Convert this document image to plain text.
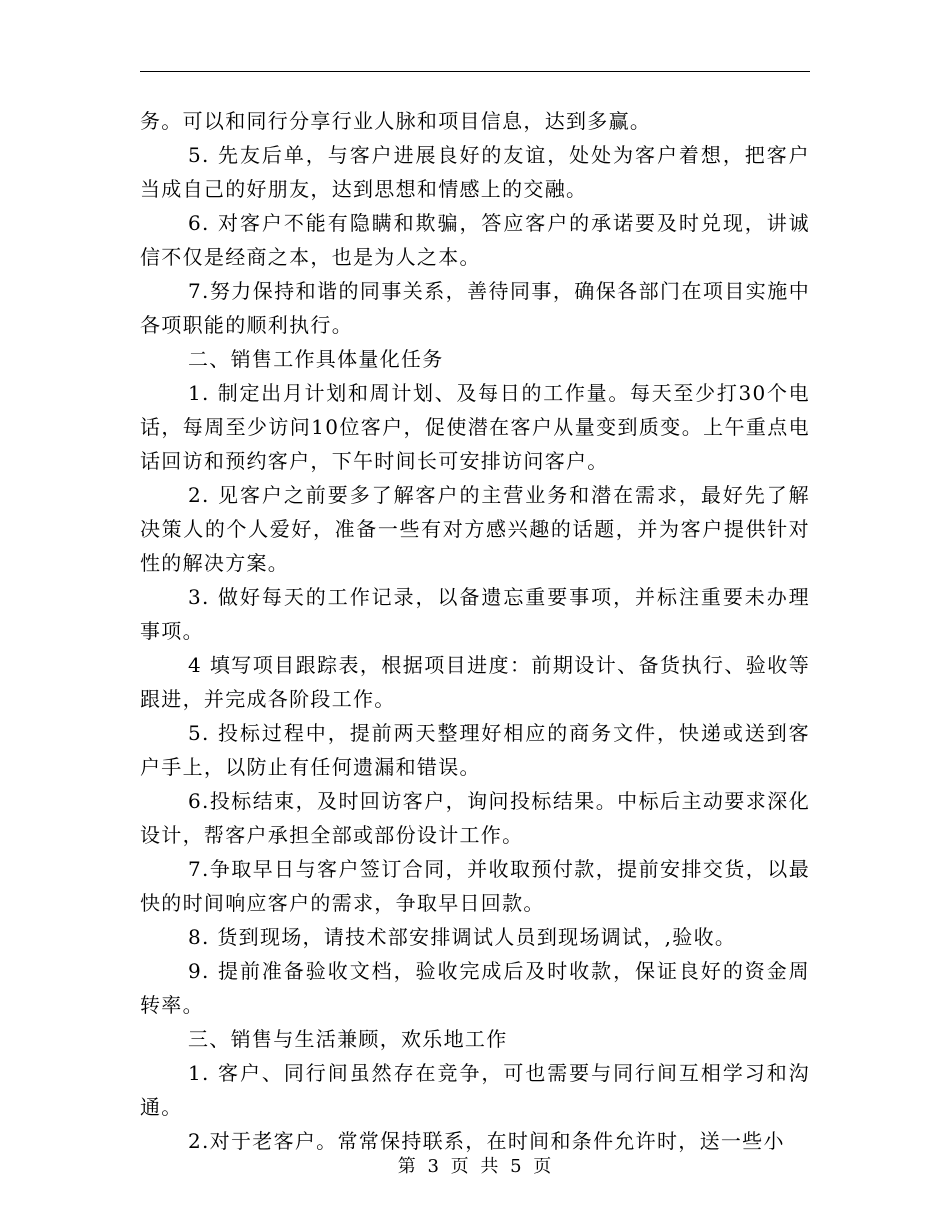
务。可以和同行分享行业人脉和项目信息，达到多赢。

5. 先友后单，与客户进展良好的友谊，处处为客户着想，把客户当成自己的好朋友，达到思想和情感上的交融。

6. 对客户不能有隐瞒和欺骗，答应客户的承诺要及时兑现，讲诚信不仅是经商之本，也是为人之本。

7.努力保持和谐的同事关系，善待同事，确保各部门在项目实施中各项职能的顺利执行。

二、销售工作具体量化任务

1. 制定出月计划和周计划、及每日的工作量。每天至少打30个电话，每周至少访问10位客户，促使潜在客户从量变到质变。上午重点电话回访和预约客户，下午时间长可安排访问客户。

2. 见客户之前要多了解客户的主营业务和潜在需求，最好先了解决策人的个人爱好，准备一些有对方感兴趣的话题，并为客户提供针对性的解决方案。

3. 做好每天的工作记录，以备遗忘重要事项，并标注重要未办理事项。

4 填写项目跟踪表，根据项目进度：前期设计、备货执行、验收等跟进，并完成各阶段工作。

5. 投标过程中，提前两天整理好相应的商务文件，快递或送到客户手上，以防止有任何遗漏和错误。

6.投标结束，及时回访客户，询问投标结果。中标后主动要求深化设计，帮客户承担全部或部份设计工作。

7.争取早日与客户签订合同，并收取预付款，提前安排交货，以最快的时间响应客户的需求，争取早日回款。

8. 货到现场，请技术部安排调试人员到现场调试，,验收。

9. 提前准备验收文档，验收完成后及时收款，保证良好的资金周转率。

三、销售与生活兼顾，欢乐地工作

1. 客户、同行间虽然存在竞争，可也需要与同行间互相学习和沟通。

2.对于老客户。常常保持联系，在时间和条件允许时，送一些小

第 3 页 共 5 页
